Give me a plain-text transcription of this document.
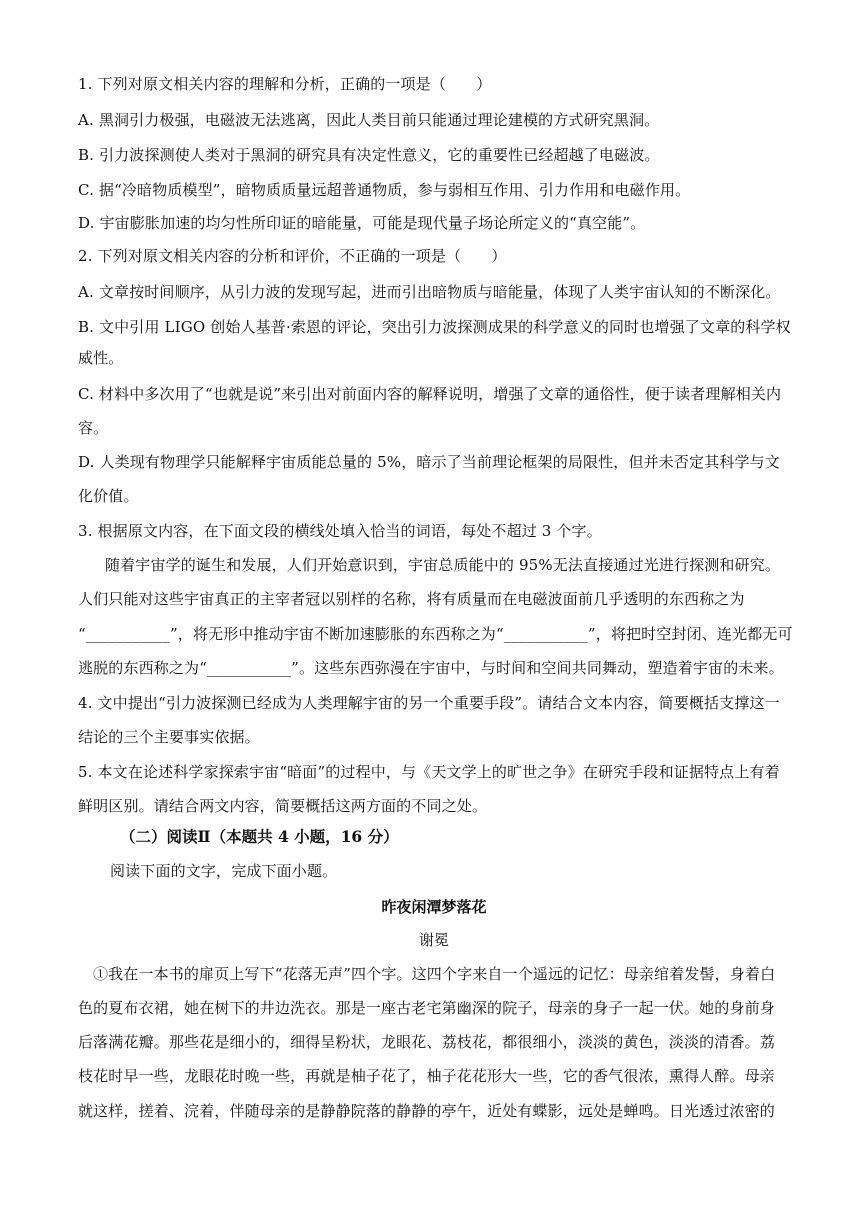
1. 下列对原文相关内容的理解和分析，正确的一项是（　　）
A. 黑洞引力极强，电磁波无法逃离，因此人类目前只能通过理论建模的方式研究黑洞。
B. 引力波探测使人类对于黑洞的研究具有决定性意义，它的重要性已经超越了电磁波。
C. 据“冷暗物质模型”，暗物质质量远超普通物质，参与弱相互作用、引力作用和电磁作用。
D. 宇宙膨胀加速的均匀性所印证的暗能量，可能是现代量子场论所定义的“真空能”。
2. 下列对原文相关内容的分析和评价，不正确的一项是（　　）
A. 文章按时间顺序，从引力波的发现写起，进而引出暗物质与暗能量，体现了人类宇宙认知的不断深化。
B. 文中引用 LIGO 创始人基普·索恩的评论，突出引力波探测成果的科学意义的同时也增强了文章的科学权
威性。
C. 材料中多次用了“也就是说”来引出对前面内容的解释说明，增强了文章的通俗性，便于读者理解相关内
容。
D. 人类现有物理学只能解释宇宙质能总量的 5%，暗示了当前理论框架的局限性，但并未否定其科学与文
化价值。
3. 根据原文内容，在下面文段的横线处填入恰当的词语，每处不超过 3 个字。
随着宇宙学的诞生和发展，人们开始意识到，宇宙总质能中的 95%无法直接通过光进行探测和研究。
人们只能对这些宇宙真正的主宰者冠以别样的名称，将有质量而在电磁波面前几乎透明的东西称之为
“___________”，将无形中推动宇宙不断加速膨胀的东西称之为“___________”，将把时空封闭、连光都无可
逃脱的东西称之为“___________”。这些东西弥漫在宇宙中，与时间和空间共同舞动，塑造着宇宙的未来。
4. 文中提出“引力波探测已经成为人类理解宇宙的另一个重要手段”。请结合文本内容，简要概括支撑这一
结论的三个主要事实依据。
5. 本文在论述科学家探索宇宙“暗面”的过程中，与《天文学上的旷世之争》在研究手段和证据特点上有着
鲜明区别。请结合两文内容，简要概括这两方面的不同之处。
（二）阅读Ⅱ（本题共 4 小题，16 分）
阅读下面的文字，完成下面小题。
昨夜闲潭梦落花
谢冕
①我在一本书的扉页上写下“花落无声”四个字。这四个字来自一个遥远的记忆：母亲绾着发髻，身着白
色的夏布衣裙，她在树下的井边洗衣。那是一座古老宅第幽深的院子，母亲的身子一起一伏。她的身前身
后落满花瓣。那些花是细小的，细得呈粉状，龙眼花、荔枝花，都很细小，淡淡的黄色，淡淡的清香。荔
枝花时早一些，龙眼花时晚一些，再就是柚子花了，柚子花花形大一些，它的香气很浓，熏得人醉。母亲
就这样，搓着、浣着，伴随母亲的是静静院落的静静的亭午，近处有蝶影，远处是蝉鸣。日光透过浓密的
